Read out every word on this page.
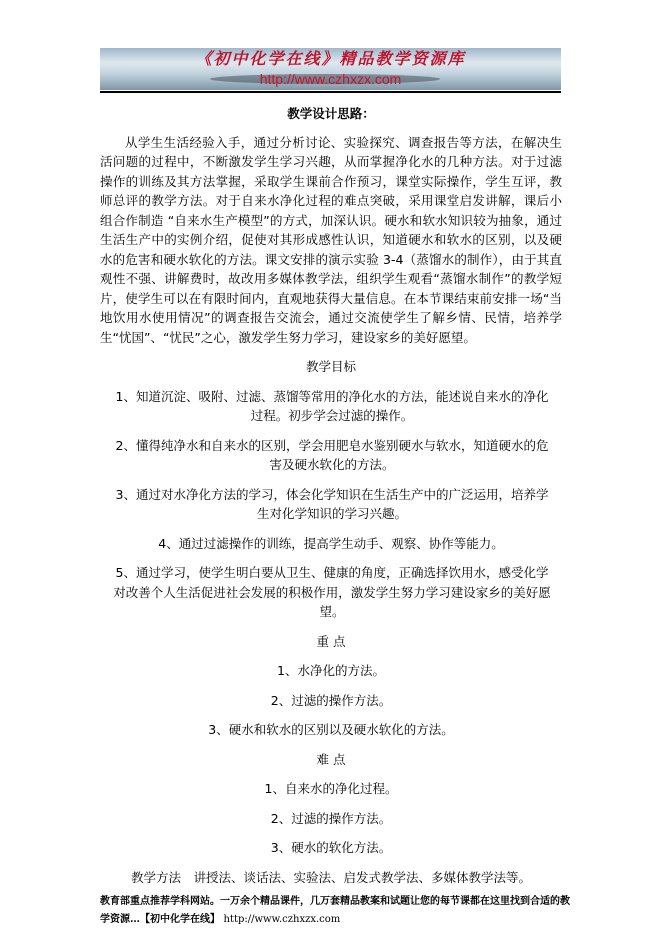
《初中化学在线》精品教学资源库
http://www.czhxzx.com
教学设计思路：
从学生生活经验入手，通过分析讨论、实验探究、调查报告等方法，在解决生活问题的过程中，不断激发学生学习兴趣，从而掌握净化水的几种方法。对于过滤操作的训练及其方法掌握，采取学生课前合作预习，课堂实际操作，学生互评，教师总评的教学方法。对于自来水净化过程的难点突破，采用课堂启发讲解，课后小组合作制造 “自来水生产模型”的方式，加深认识。硬水和软水知识较为抽象，通过生活生产中的实例介绍，促使对其形成感性认识，知道硬水和软水的区别，以及硬水的危害和硬水软化的方法。课文安排的演示实验 3-4（蒸馏水的制作），由于其直观性不强、讲解费时，故改用多媒体教学法，组织学生观看“蒸馏水制作”的教学短片，使学生可以在有限时间内，直观地获得大量信息。在本节课结束前安排一场“当地饮用水使用情况”的调查报告交流会，通过交流使学生了解乡情、民情，培养学生“忧国”、“忧民”之心，激发学生努力学习，建设家乡的美好愿望。
教学目标
1、知道沉淀、吸附、过滤、蒸馏等常用的净化水的方法，能述说自来水的净化过程。初步学会过滤的操作。
2、懂得纯净水和自来水的区别，学会用肥皂水鉴别硬水与软水，知道硬水的危害及硬水软化的方法。
3、通过对水净化方法的学习，体会化学知识在生活生产中的广泛运用，培养学生对化学知识的学习兴趣。
4、通过过滤操作的训练，提高学生动手、观察、协作等能力。
5、通过学习，使学生明白要从卫生、健康的角度，正确选择饮用水，感受化学对改善个人生活促进社会发展的积极作用，激发学生努力学习建设家乡的美好愿望。
重 点
1、水净化的方法。
2、过滤的操作方法。
3、硬水和软水的区别以及硬水软化的方法。
难 点
1、自来水的净化过程。
2、过滤的操作方法。
3、硬水的软化方法。
教学方法　讲授法、谈话法、实验法、启发式教学法、多媒体教学法等。
教育部重点推荐学科网站。一万余个精品课件，几万套精品教案和试题让您的每节课都在这里找到合适的教学资源…【初中化学在线】 http://www.czhxzx.com
